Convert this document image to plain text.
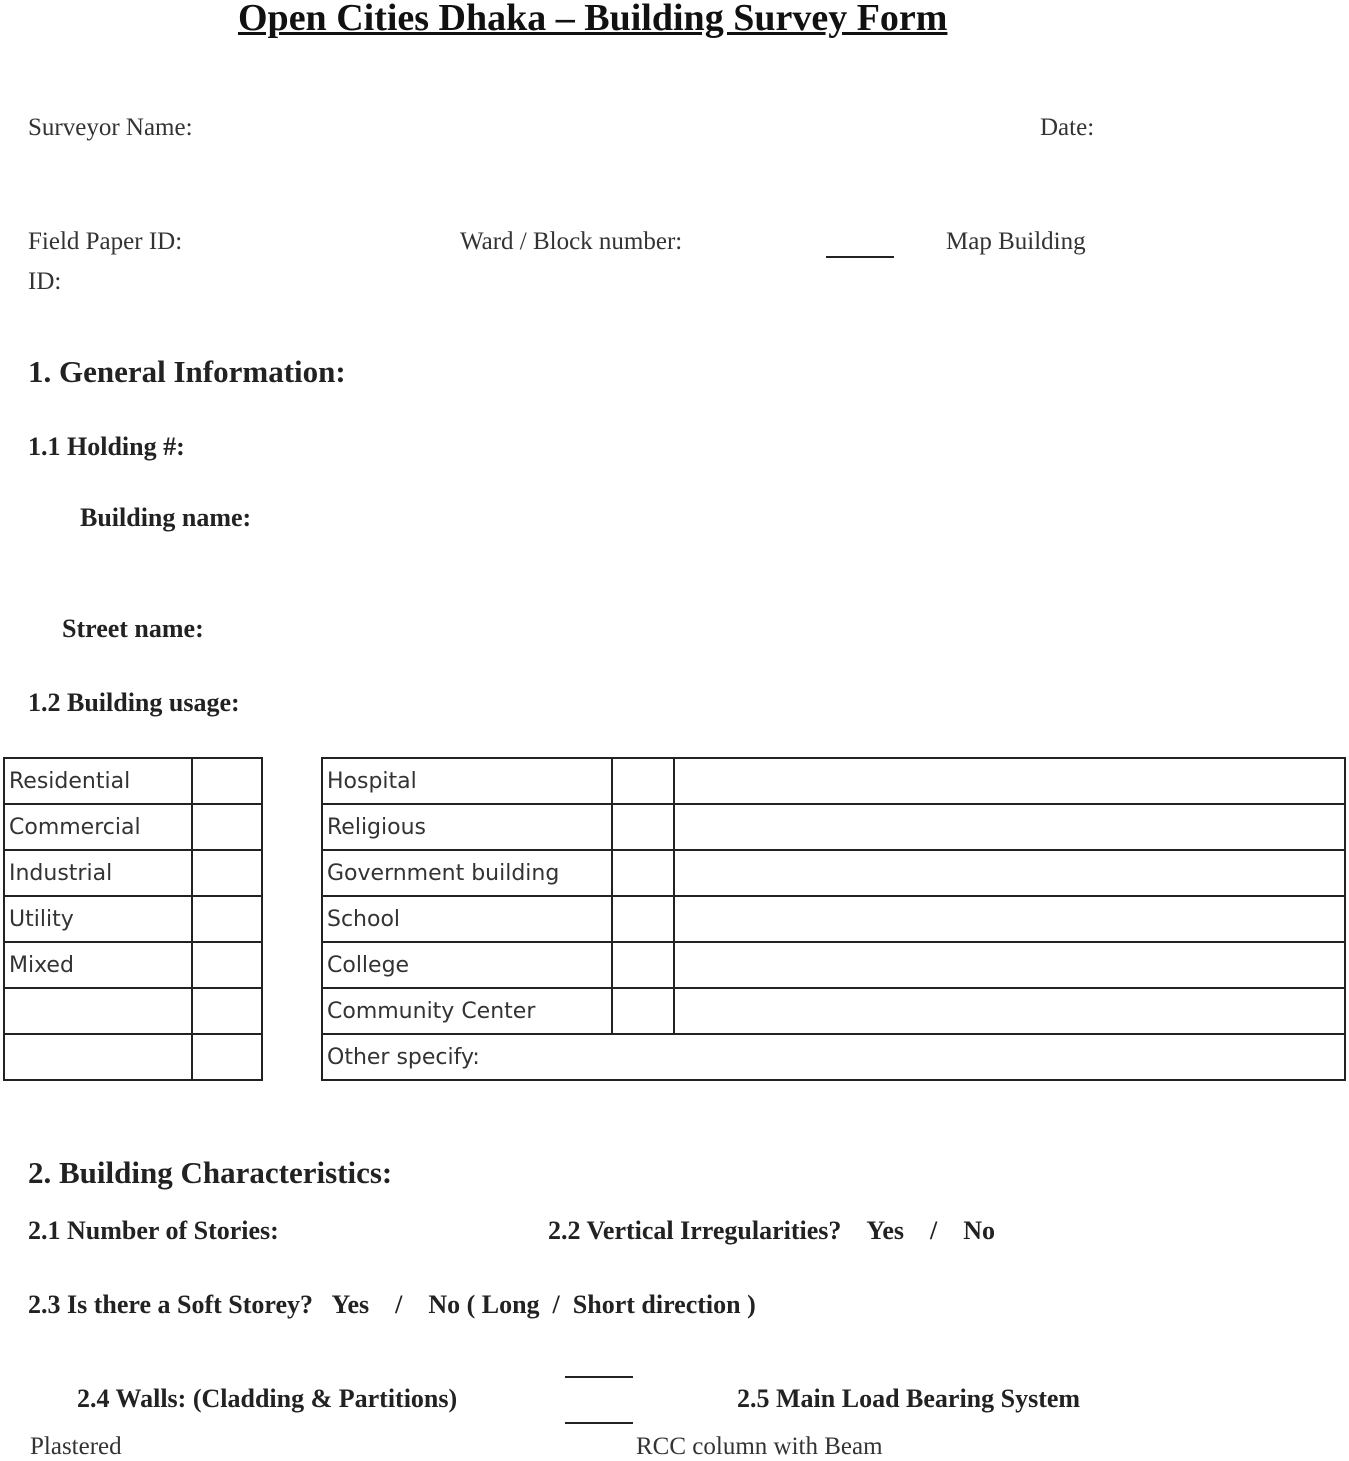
Open Cities Dhaka – Building Survey Form
Surveyor Name:	Date:
Field Paper ID:	Ward / Block number:	Map Building
ID:
1. General Information:
1.1 Holding #:
Building name:
Street name:
1.2 Building usage:
Residential	
Commercial	
Industrial	
Utility	
Mixed	

Hospital		
Religious		
Government building		
School		
College		
Community Center		
Other specify:		
2. Building Characteristics:
2.1 Number of Stories:	2.2 Vertical Irregularities?    Yes    /    No
2.3 Is there a Soft Storey?   Yes    /    No ( Long  /  Short direction )
2.4 Walls: (Cladding & Partitions)	2.5 Main Load Bearing System
Plastered	RCC column with Beam
